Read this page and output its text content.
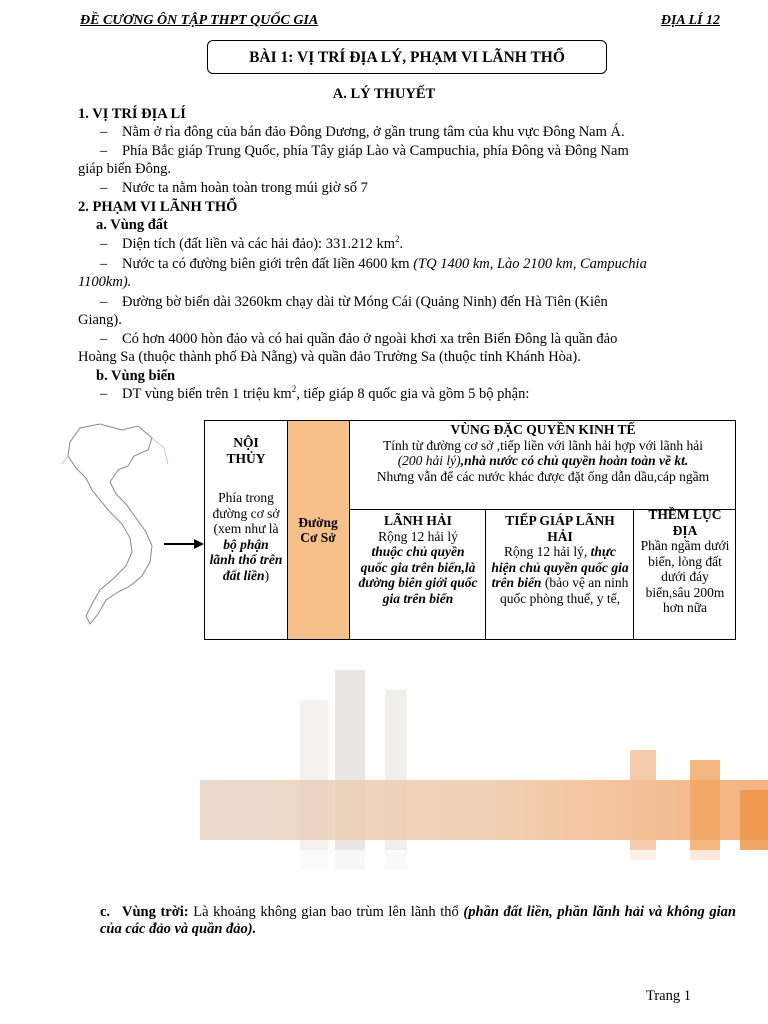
ĐỀ CƯƠNG ÔN TẬP THPT QUỐC GIA	ĐỊA LÍ 12
BÀI 1: VỊ TRÍ ĐỊA LÝ, PHẠM VI LÃNH THỔ
A. LÝ THUYẾT
1. VỊ TRÍ ĐỊA LÍ
– Nằm ở rìa đông của bán đảo Đông Dương, ở gần trung tâm của khu vực Đông Nam Á.
– Phía Bắc giáp Trung Quốc, phía Tây giáp Lào và Campuchia, phía Đông và Đông Nam
giáp biển Đông.
– Nước ta nằm hoàn toàn trong múi giờ số 7
2. PHẠM VI LÃNH THỔ
a. Vùng đất
– Diện tích (đất liền và các hải đảo): 331.212 $km^2$.
– Nước ta có đường biên giới trên đất liền 4600 km (TQ 1400 km, Lào 2100 km, Campuchia
1100km).
– Đường bờ biển dài 3260km chạy dài từ Móng Cái (Quảng Ninh) đến Hà Tiên (Kiên
Giang).
– Có hơn 4000 hòn đảo và có hai quần đảo ở ngoài khơi xa trên Biển Đông là quần đảo
Hoàng Sa (thuộc thành phố Đà Nẵng) và quần đảo Trường Sa (thuộc tỉnh Khánh Hòa).
b. Vùng biển
– DT vùng biển trên 1 triệu $km^2$, tiếp giáp 8 quốc gia và gồm 5 bộ phận:
Đường Cơ Sở
NỘI
THỦY
Phía trong đường cơ sở (xem như là bộ phận lãnh thổ trên đất liền)
VÙNG ĐẶC QUYỀN KINH TẾ
Tính từ đường cơ sở ,tiếp liền với lãnh hải hợp với lãnh hải
(200 hải lý),nhà nước có chủ quyền hoàn toàn về kt.
Nhưng vẫn để các nước khác được đặt ống dẫn dầu,cáp ngầm
LÃNH HẢI
Rộng 12 hải lý
thuộc chủ quyền quốc gia trên biển,là đường biên giới quốc gia trên biển
TIẾP GIÁP LÃNH HẢI
Rộng 12 hải lý, thực hiện chủ quyền quốc gia trên biển (bảo vệ an ninh quốc phòng thuế, y tế,
THỀM LỤC ĐỊA
Phần ngầm dưới biển, lòng đất dưới đáy biển,sâu 200m hơn nữa
c. Vùng trời: Là khoảng không gian bao trùm lên lãnh thổ (phần đất liền, phần lãnh hải và không gian của các đảo và quần đảo).
Trang 1
